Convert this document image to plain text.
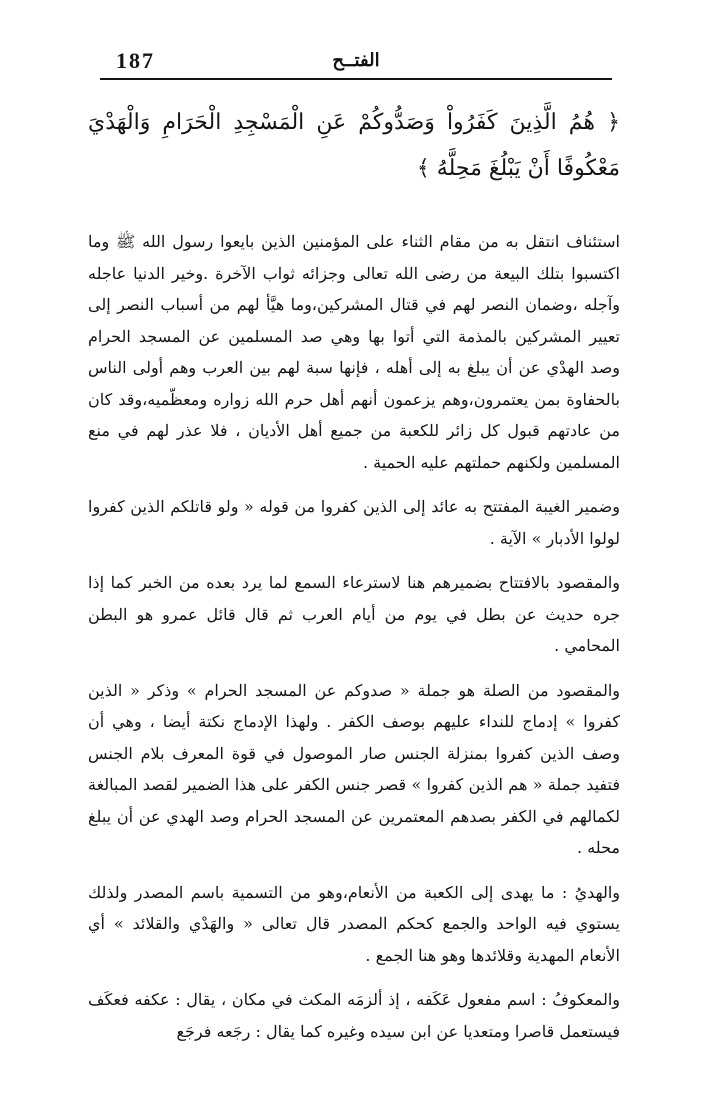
187	الفتــح

﴿ هُمُ الَّذِينَ كَفَرُواْ وَصَدُّوكُمْ عَنِ الْمَسْجِدِ الْحَرَامِ وَالْهَدْيَ مَعْكُوفًا أَنْ يَبْلُغَ مَحِلَّهُ ﴾

استئناف انتقل به من مقام الثناء على المؤمنين الذين بايعوا رسول الله ﷺ وما اكتسبوا بتلك البيعة من رضى الله تعالى وجزائه ثواب الآخرة .وخير الدنيا عاجله وآجله ،وضمان النصر لهم في قتال المشركين،وما هيَّأ لهم من أسباب النصر إلى تعيير المشركين بالمذمة التي أتوا بها وهي صد المسلمين عن المسجد الحرام وصد الهدْي عن أن يبلغ به إلى أهله ، فإنها سبة لهم بين العرب وهم أولى الناس بالحفاوة بمن يعتمرون،وهم يزعمون أنهم أهل حرم الله زواره ومعظّميه،وقد كان من عادتهم قبول كل زائر للكعبة من جميع أهل الأديان ، فلا عذر لهم في منع المسلمين ولكنهم حملتهم عليه الحمية .

وضمير الغيبة المفتتح به عائد إلى الذين كفروا من قوله « ولو قاتلكم الذين كفروا لولوا الأدبار » الآية .

والمقصود بالافتتاح بضميرهم هنا لاسترعاء السمع لما يرد بعده من الخبر كما إذا جره حديث عن بطل في يوم من أيام العرب ثم قال قائل عمرو هو البطن المحامي .

والمقصود من الصلة هو جملة « صدوكم عن المسجد الحرام » وذكر « الذين كفروا » إدماج للنداء عليهم بوصف الكفر . ولهذا الإدماج نكتة أيضا ، وهي أن وصف الذين كفروا بمنزلة الجنس صار الموصول في قوة المعرف بلام الجنس فتفيد جملة « هم الذين كفروا » قصر جنس الكفر على هذا الضمير لقصد المبالغة لكمالهم في الكفر بصدهم المعتمرين عن المسجد الحرام وصد الهدي عن أن يبلغ محله .

والهديُ : ما يهدى إلى الكعبة من الأنعام،وهو من التسمية باسم المصدر ولذلك يستوي فيه الواحد والجمع كحكم المصدر قال تعالى « والهَدْي والقلائد » أي الأنعام المهدية وقلائدها وهو هنا الجمع .

والمعكوفُ : اسم مفعول عَكَفه ، إذ ألزمَه المكث في مكان ، يقال : عكفه فعكَف فيستعمل قاصرا ومتعديا عن ابن سيده وغيره كما يقال : رجَعه فرجَع
